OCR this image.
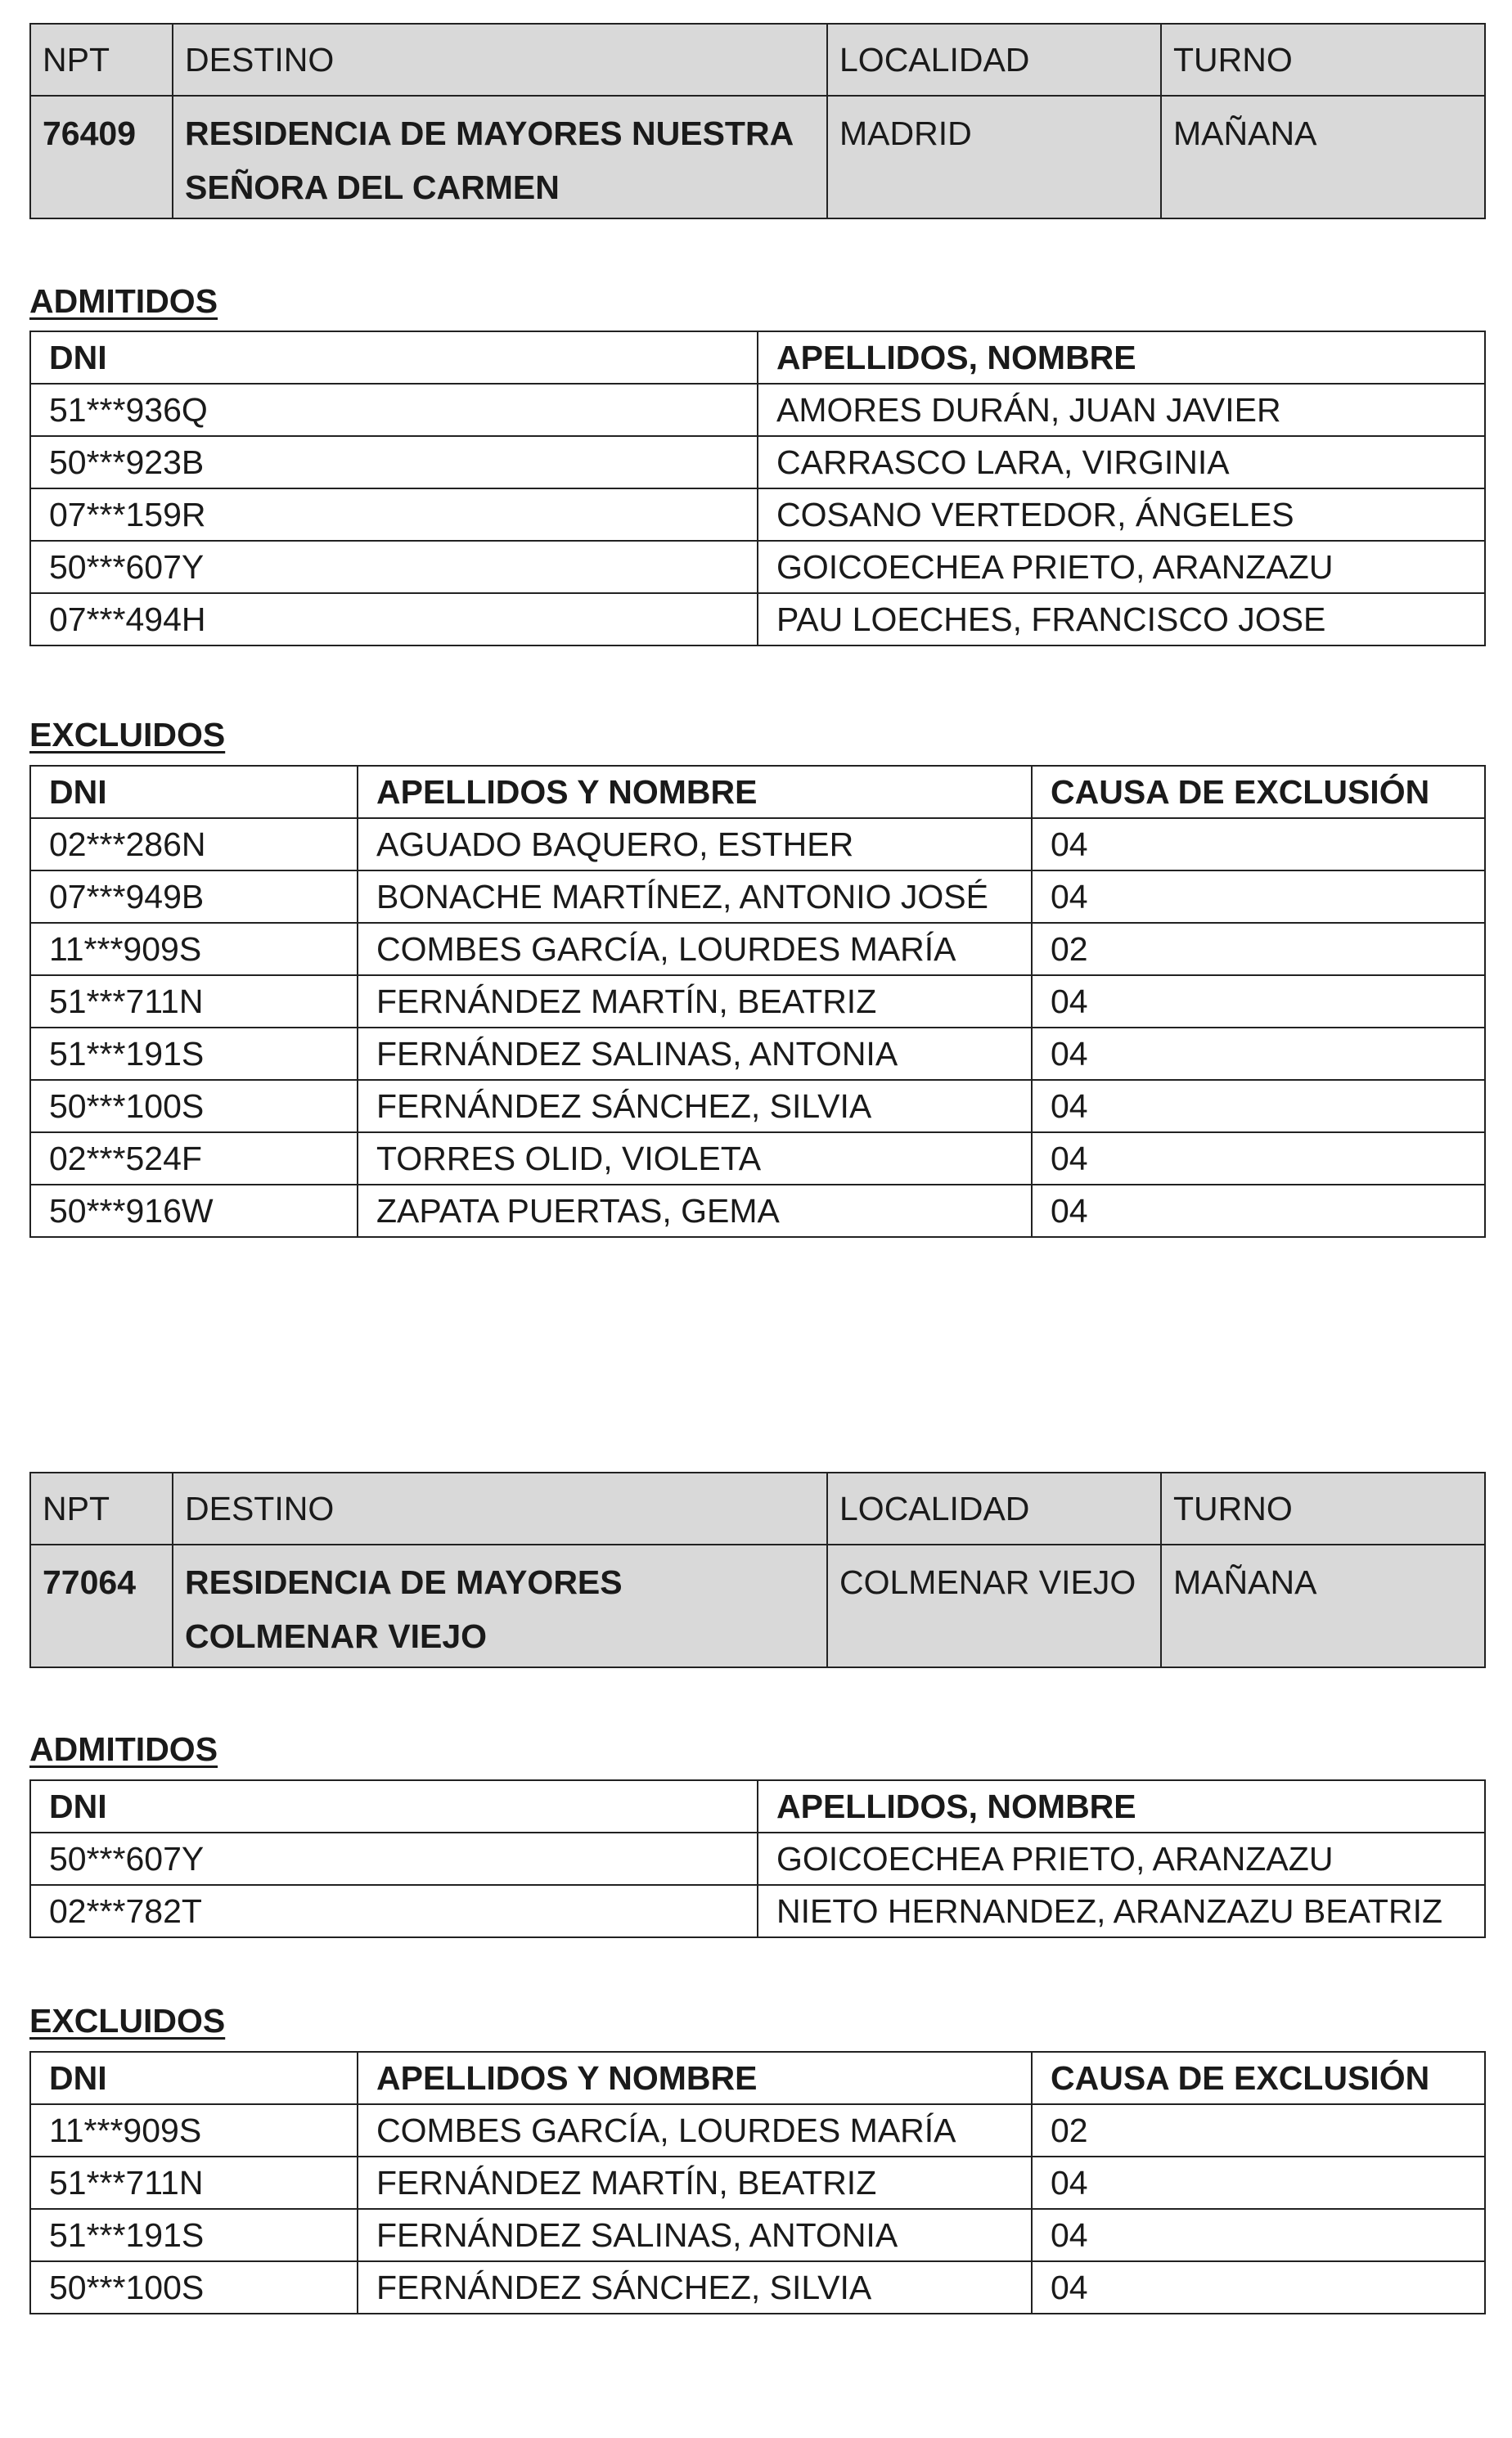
NPT	DESTINO	LOCALIDAD	TURNO
76409	RESIDENCIA DE MAYORES NUESTRA SEÑORA DEL CARMEN	MADRID	MAÑANA
ADMITIDOS
DNI	APELLIDOS, NOMBRE
51***936Q	AMORES DURÁN, JUAN JAVIER
50***923B	CARRASCO LARA, VIRGINIA
07***159R	COSANO VERTEDOR, ÁNGELES
50***607Y	GOICOECHEA PRIETO, ARANZAZU
07***494H	PAU LOECHES, FRANCISCO JOSE
EXCLUIDOS
DNI	APELLIDOS Y NOMBRE	CAUSA DE EXCLUSIÓN
02***286N	AGUADO BAQUERO, ESTHER	04
07***949B	BONACHE MARTÍNEZ, ANTONIO JOSÉ	04
11***909S	COMBES GARCÍA, LOURDES MARÍA	02
51***711N	FERNÁNDEZ MARTÍN, BEATRIZ	04
51***191S	FERNÁNDEZ SALINAS, ANTONIA	04
50***100S	FERNÁNDEZ SÁNCHEZ, SILVIA	04
02***524F	TORRES OLID, VIOLETA	04
50***916W	ZAPATA PUERTAS, GEMA	04
NPT	DESTINO	LOCALIDAD	TURNO
77064	RESIDENCIA DE MAYORES COLMENAR VIEJO	COLMENAR VIEJO	MAÑANA
ADMITIDOS
DNI	APELLIDOS, NOMBRE
50***607Y	GOICOECHEA PRIETO, ARANZAZU
02***782T	NIETO HERNANDEZ, ARANZAZU BEATRIZ
EXCLUIDOS
DNI	APELLIDOS Y NOMBRE	CAUSA DE EXCLUSIÓN
11***909S	COMBES GARCÍA, LOURDES MARÍA	02
51***711N	FERNÁNDEZ MARTÍN, BEATRIZ	04
51***191S	FERNÁNDEZ SALINAS, ANTONIA	04
50***100S	FERNÁNDEZ SÁNCHEZ, SILVIA	04
